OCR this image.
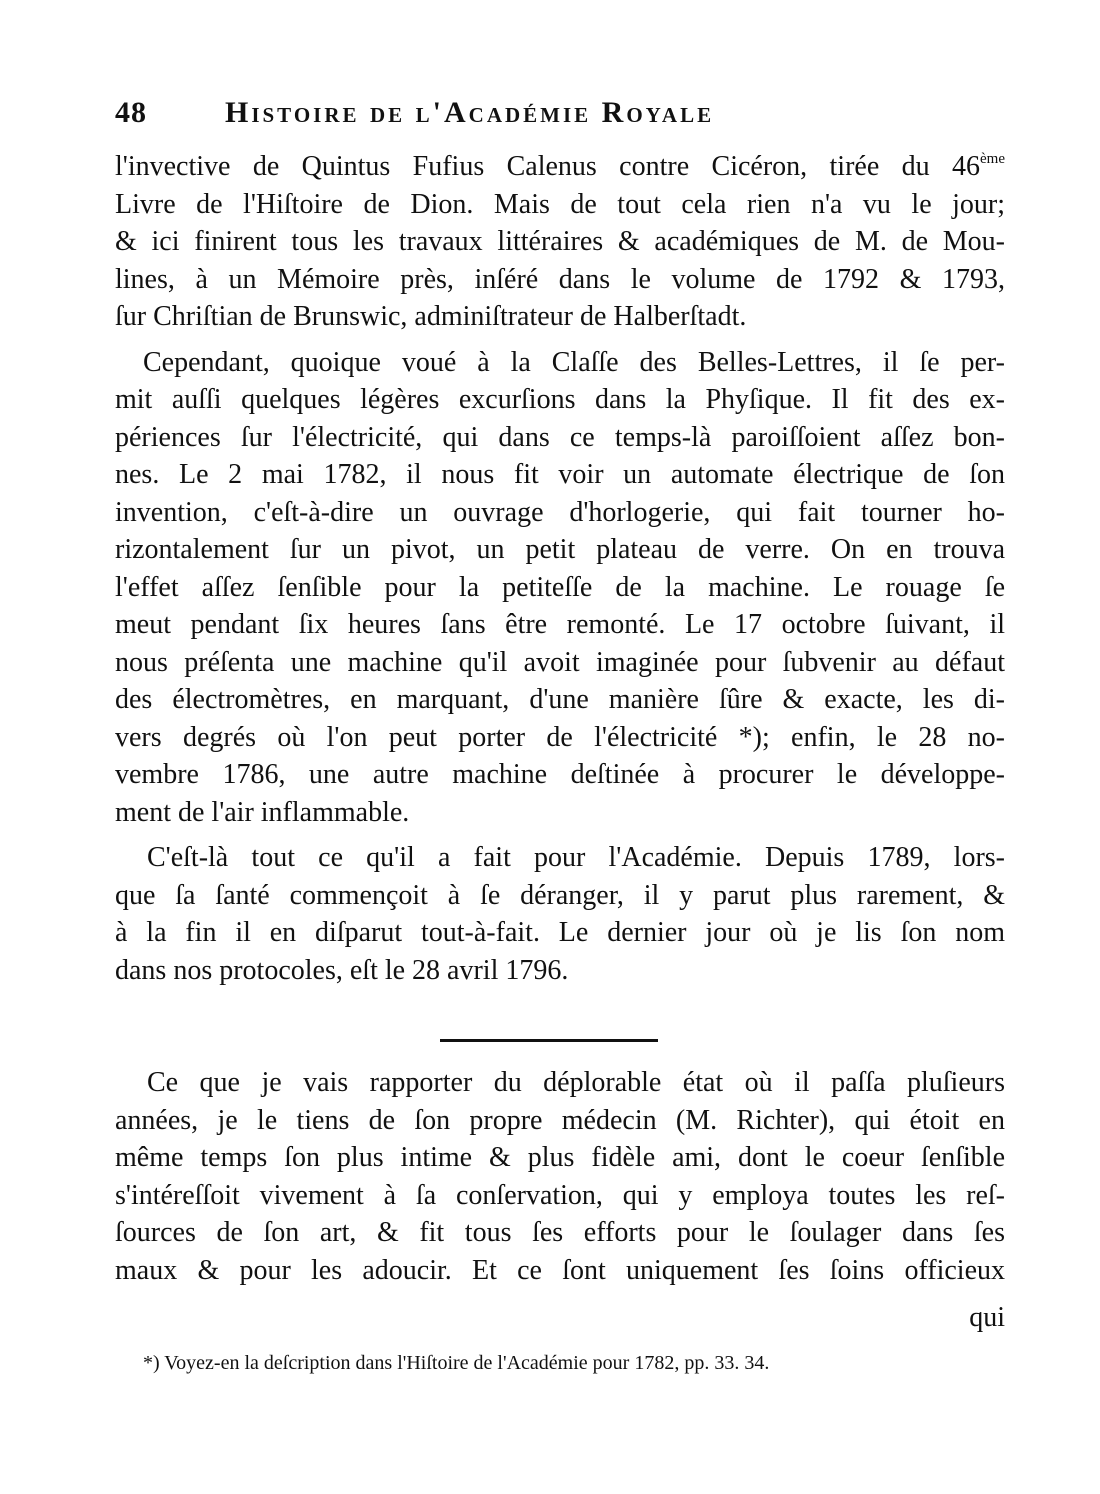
48	Histoire de l'Académie Royale
l'invective de Quintus Fufius Calenus contre Cicéron, tirée du 46ème
Livre de l'Hiſtoire de Dion. Mais de tout cela rien n'a vu le jour;
& ici finirent tous les travaux littéraires & académiques de M. de Mou-
lines, à un Mémoire près, inſéré dans le volume de 1792 & 1793,
ſur Chriſtian de Brunswic, adminiſtrateur de Halberſtadt.
Cependant, quoique voué à la Claſſe des Belles-Lettres, il ſe per-
mit auſſi quelques légères excurſions dans la Phyſique. Il fit des ex-
périences ſur l'électricité, qui dans ce temps-là paroiſſoient aſſez bon-
nes. Le 2 mai 1782, il nous fit voir un automate électrique de ſon
invention, c'eſt-à-dire un ouvrage d'horlogerie, qui fait tourner ho-
rizontalement ſur un pivot, un petit plateau de verre. On en trouva
l'effet aſſez ſenſible pour la petiteſſe de la machine. Le rouage ſe
meut pendant ſix heures ſans être remonté. Le 17 octobre ſuivant, il
nous préſenta une machine qu'il avoit imaginée pour ſubvenir au défaut
des électromètres, en marquant, d'une manière ſûre & exacte, les di-
vers degrés où l'on peut porter de l'électricité *); enfin, le 28 no-
vembre 1786, une autre machine deſtinée à procurer le développe-
ment de l'air inflammable.
C'eſt-là tout ce qu'il a fait pour l'Académie. Depuis 1789, lors-
que ſa ſanté commençoit à ſe déranger, il y parut plus rarement, &
à la fin il en diſparut tout-à-fait. Le dernier jour où je lis ſon nom
dans nos protocoles, eſt le 28 avril 1796.
Ce que je vais rapporter du déplorable état où il paſſa pluſieurs
années, je le tiens de ſon propre médecin (M. Richter), qui étoit en
même temps ſon plus intime & plus fidèle ami, dont le coeur ſenſible
s'intéreſſoit vivement à ſa conſervation, qui y employa toutes les reſ-
ſources de ſon art, & fit tous ſes efforts pour le ſoulager dans ſes
maux & pour les adoucir. Et ce ſont uniquement ſes ſoins officieux
qui
*) Voyez-en la deſcription dans l'Hiſtoire de l'Académie pour 1782, pp. 33. 34.
